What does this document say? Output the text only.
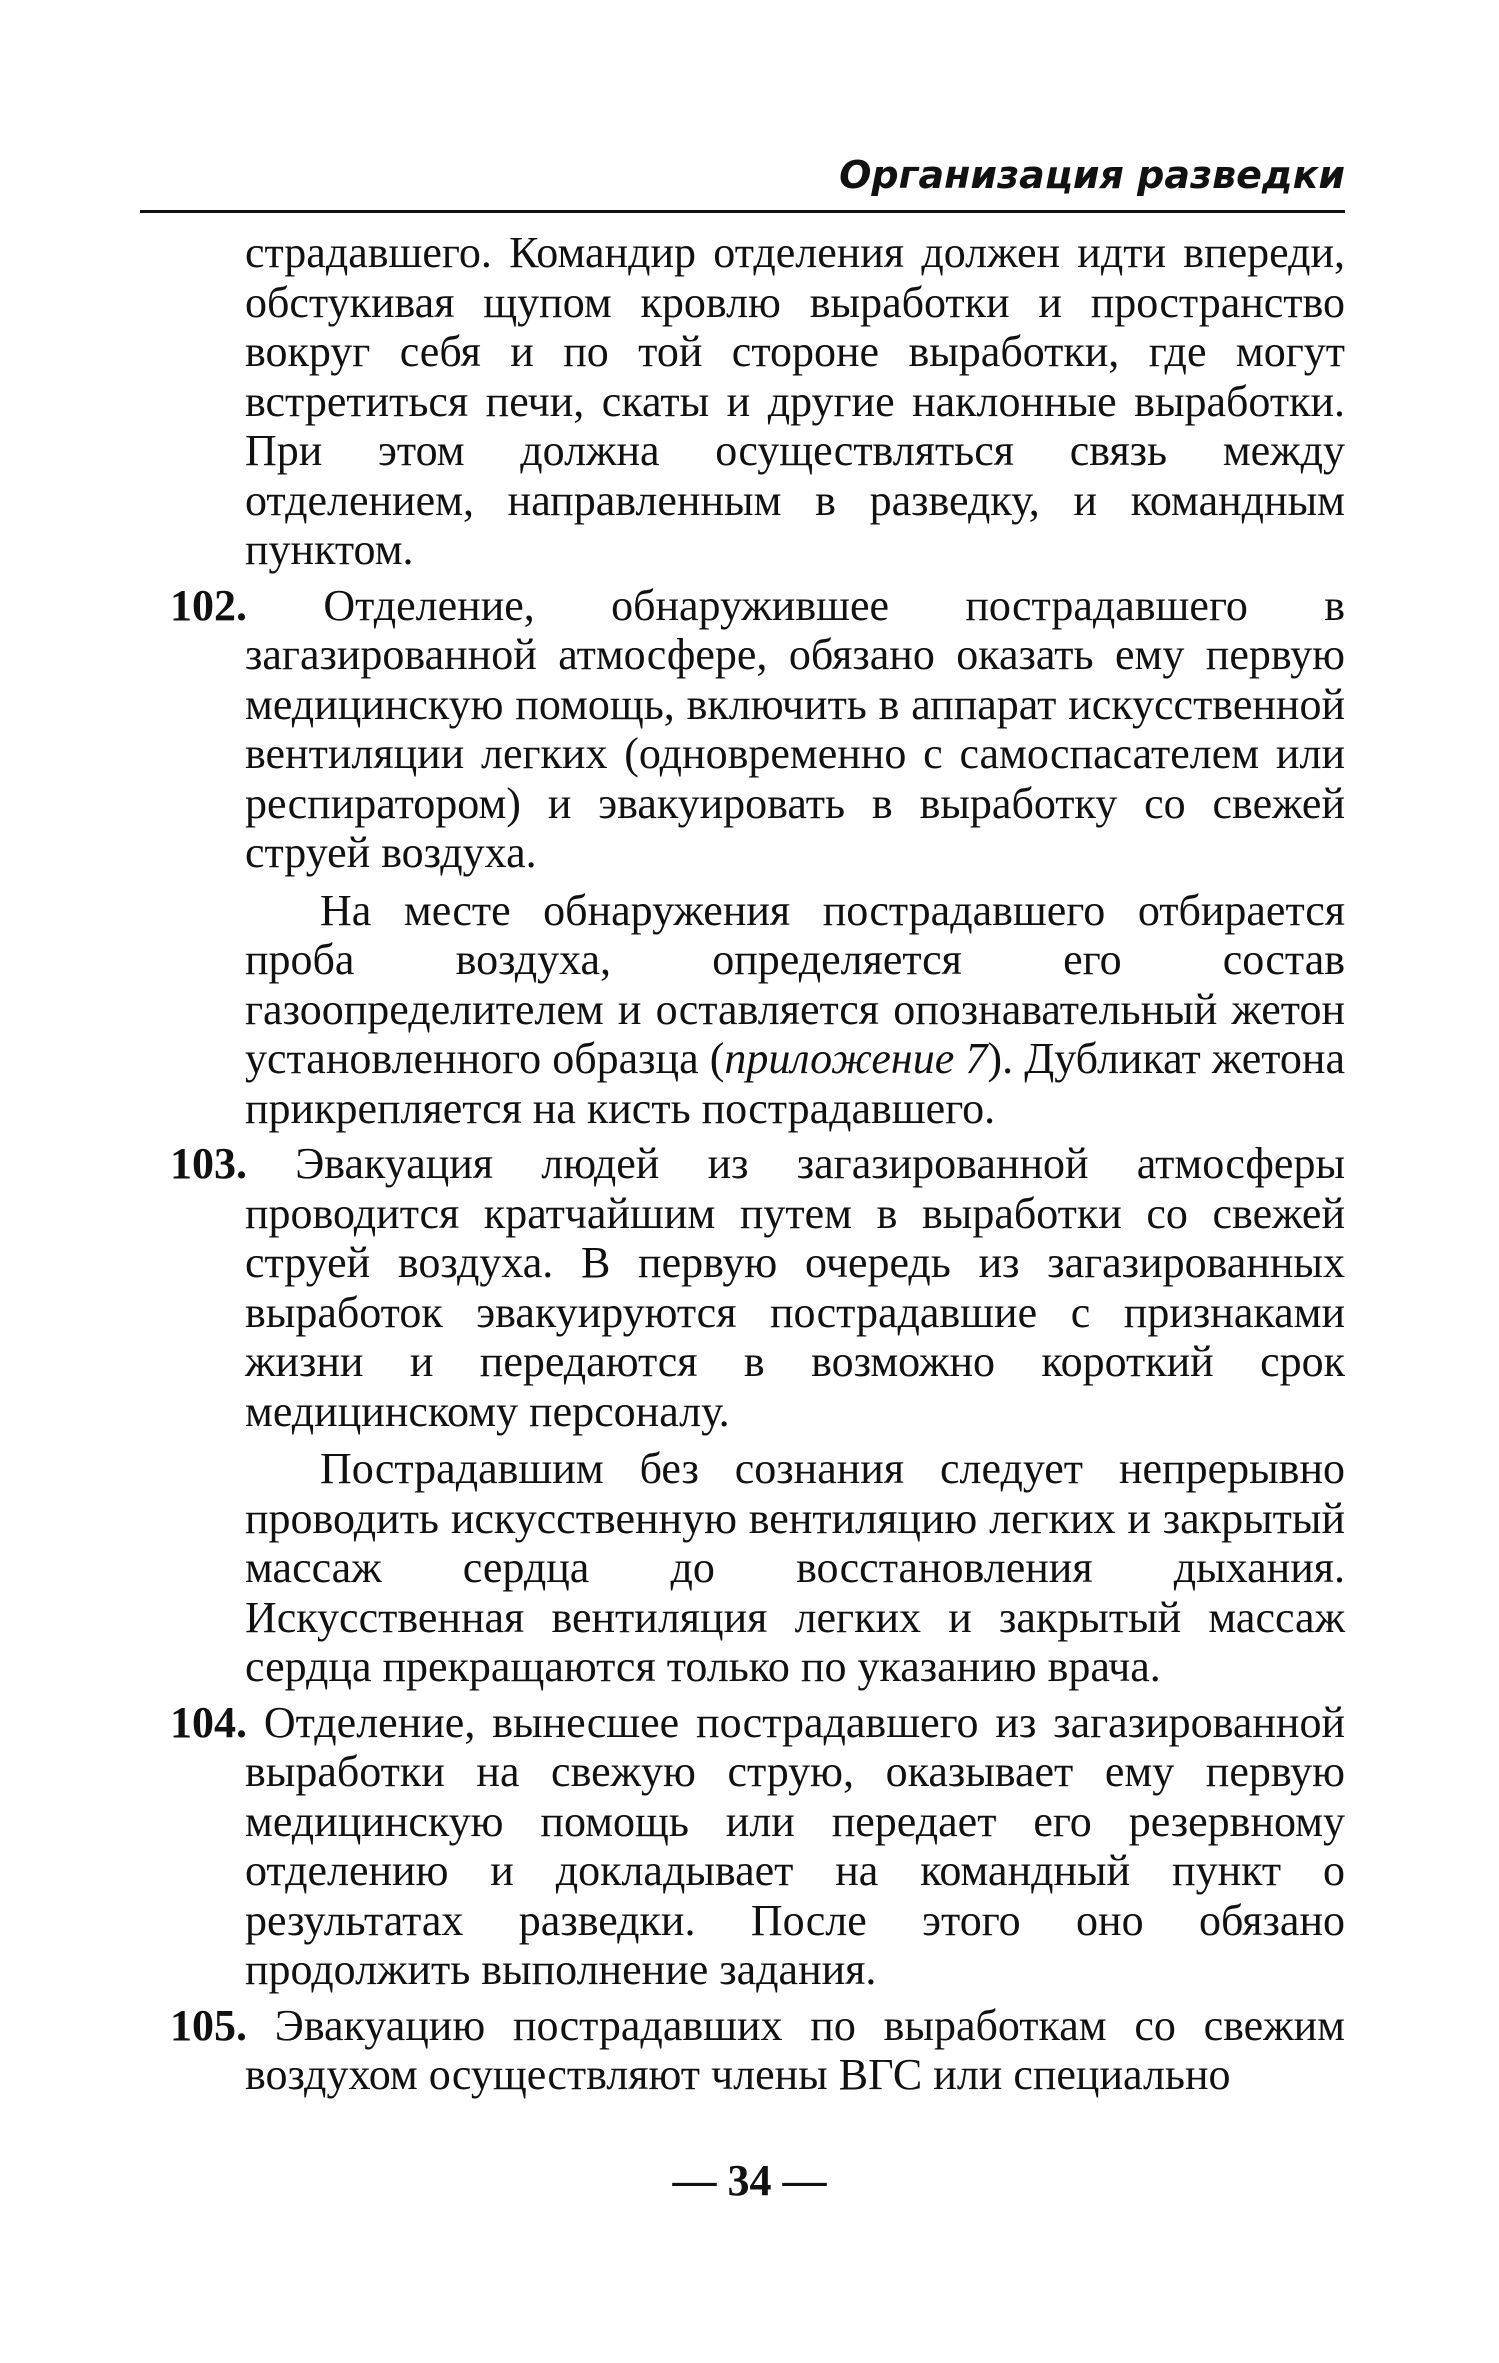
Организация разведки

страдавшего. Командир отделения должен идти впереди, обстукивая щупом кровлю выработки и пространство вокруг себя и по той стороне выработки, где могут встретиться печи, скаты и другие наклонные выработки. При этом должна осуществляться связь между отделением, направленным в разведку, и командным пунктом.

102. Отделение, обнаружившее пострадавшего в загазированной атмосфере, обязано оказать ему первую медицинскую помощь, включить в аппарат искусственной вентиляции легких (одновременно с самоспасателем или респиратором) и эвакуировать в выработку со свежей струей воздуха.

На месте обнаружения пострадавшего отбирается проба воздуха, определяется его состав газоопределителем и оставляется опознавательный жетон установленного образца (приложение 7). Дубликат жетона прикрепляется на кисть пострадавшего.

103. Эвакуация людей из загазированной атмосферы проводится кратчайшим путем в выработки со свежей струей воздуха. В первую очередь из загазированных выработок эвакуируются пострадавшие с признаками жизни и передаются в возможно короткий срок медицинскому персоналу.

Пострадавшим без сознания следует непрерывно проводить искусственную вентиляцию легких и закрытый массаж сердца до восстановления дыхания. Искусственная вентиляция легких и закрытый массаж сердца прекращаются только по указанию врача.

104. Отделение, вынесшее пострадавшего из загазированной выработки на свежую струю, оказывает ему первую медицинскую помощь или передает его резервному отделению и докладывает на командный пункт о результатах разведки. После этого оно обязано продолжить выполнение задания.

105. Эвакуацию пострадавших по выработкам со свежим воздухом осуществляют члены ВГС или специально

— 34 —
